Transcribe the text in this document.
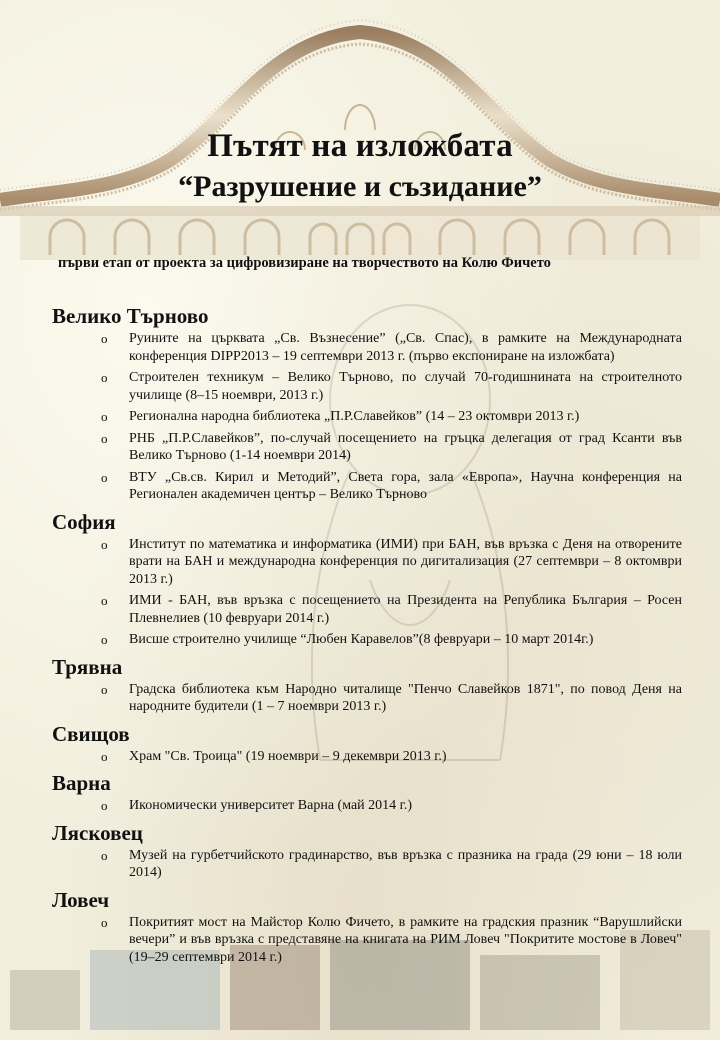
Пътят на изложбата
“Разрушение и съзидание”
първи етап от проекта за цифровизиране на творчеството на Колю Фичето
Велико Търново
o Руините на църквата „Св. Възнесение” („Св. Спас), в рамките на Международната конференция DIPP2013 – 19 септември 2013 г. (първо експониране на изложбата)
o Строителен техникум – Велико Търново, по случай 70-годишнината на строителното училище (8–15 ноември, 2013 г.)
o Регионална народна библиотека „П.Р.Славейков” (14 – 23 октомври 2013 г.)
o РНБ „П.Р.Славейков”, по-случай посещението на гръцка делегация от град Ксанти във Велико Търново (1-14 ноември 2014)
o ВТУ „Св.св. Кирил и Методий”, Света гора, зала «Европа», Научна конференция на Регионален академичен център – Велико Търново
София
o Институт по математика и информатика (ИМИ) при БАН, във връзка с Деня на отворените врати на БАН и международна конференция по дигитализация (27 септември – 8 октомври 2013 г.)
o ИМИ - БАН, във връзка с посещението на Президента на Република България – Росен Плевнелиев (10 февруари 2014 г.)
o Висше строително училище “Любен Каравелов”(8 февруари – 10 март 2014г.)
Трявна
o Градска библиотека към Народно читалище "Пенчо Славейков 1871", по повод Деня на народните будители (1 – 7 ноември 2013 г.)
Свищов
o Храм "Св. Троица" (19 ноември – 9 декември 2013 г.)
Варна
o Икономически университет Варна (май 2014 г.)
Лясковец
o Музей на гурбетчийското градинарство, във връзка с празника на града (29 юни – 18 юли 2014)
Ловеч
o Покритият мост на Майстор Колю Фичето, в рамките на градския празник “Варушлийски вечери” и във връзка с представяне на книгата на РИМ Ловеч "Покритите мостове в Ловеч" (19–29 септември 2014 г.)
